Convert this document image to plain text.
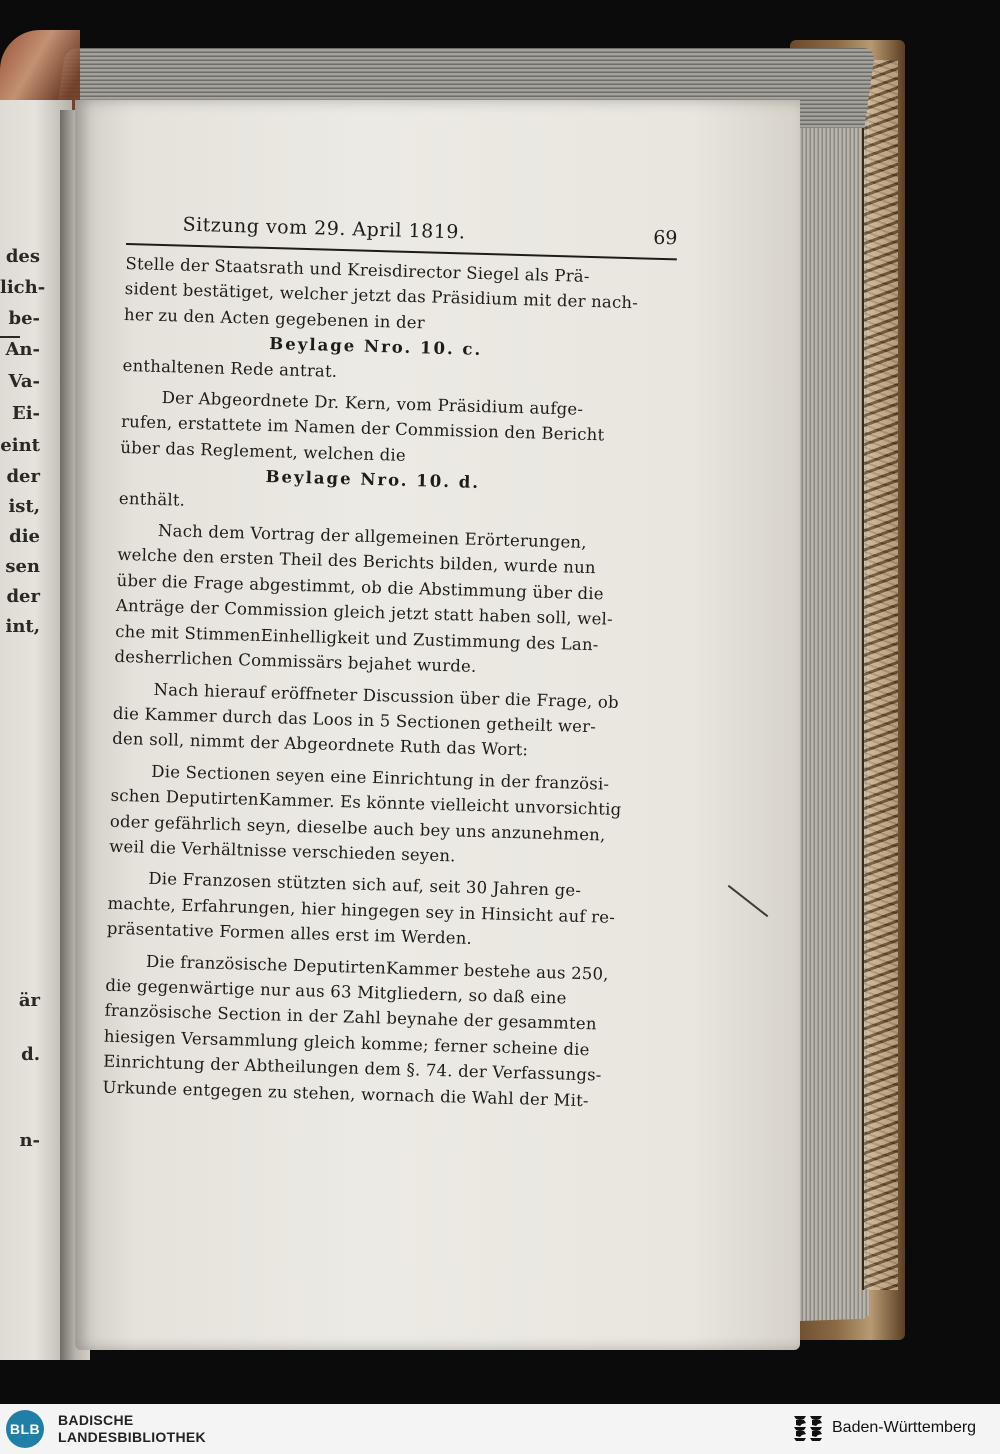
des
lich-
be-
An-
Va-
Ei-
eint
der
ist,
die
sen
der
int,
är
d.
n-
Sitzung vom 29. April 1819.	69
Stelle der Staatsrath und Kreisdirector Siegel als Prä-
sident bestätiget, welcher jetzt das Präsidium mit der nach-
her zu den Acten gegebenen in der
Beylage Nro. 10. c.
enthaltenen Rede antrat.
Der Abgeordnete Dr. Kern, vom Präsidium aufge-
rufen, erstattete im Namen der Commission den Bericht
über das Reglement, welchen die
Beylage Nro. 10. d.
enthält.
Nach dem Vortrag der allgemeinen Erörterungen,
welche den ersten Theil des Berichts bilden, wurde nun
über die Frage abgestimmt, ob die Abstimmung über die
Anträge der Commission gleich jetzt statt haben soll, wel-
che mit StimmenEinhelligkeit und Zustimmung des Lan-
desherrlichen Commissärs bejahet wurde.
Nach hierauf eröffneter Discussion über die Frage, ob
die Kammer durch das Loos in 5 Sectionen getheilt wer-
den soll, nimmt der Abgeordnete Ruth das Wort:
Die Sectionen seyen eine Einrichtung in der französi-
schen DeputirtenKammer. Es könnte vielleicht unvorsichtig
oder gefährlich seyn, dieselbe auch bey uns anzunehmen,
weil die Verhältnisse verschieden seyen.
Die Franzosen stützten sich auf, seit 30 Jahren ge-
machte, Erfahrungen, hier hingegen sey in Hinsicht auf re-
präsentative Formen alles erst im Werden.
Die französische DeputirtenKammer bestehe aus 250,
die gegenwärtige nur aus 63 Mitgliedern, so daß eine
französische Section in der Zahl beynahe der gesammten
hiesigen Versammlung gleich komme; ferner scheine die
Einrichtung der Abtheilungen dem §. 74. der Verfassungs-
Urkunde entgegen zu stehen, wornach die Wahl der Mit-
BLB
BADISCHE
LANDESBIBLIOTHEK
Baden-Württemberg
